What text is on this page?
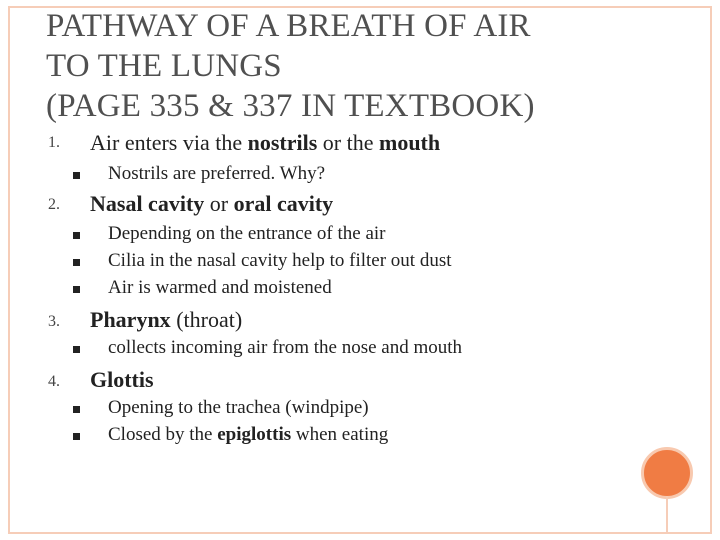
PATHWAY OF A BREATH OF AIR
TO THE LUNGS
(PAGE 335 & 337 IN TEXTBOOK)
1. Air enters via the nostrils or the mouth
Nostrils are preferred. Why?
2. Nasal cavity or oral cavity
Depending on the entrance of the air
Cilia in the nasal cavity help to filter out dust
Air is warmed and moistened
3. Pharynx (throat)
collects incoming air from the nose and mouth
4. Glottis
Opening to the trachea (windpipe)
Closed by the epiglottis when eating
